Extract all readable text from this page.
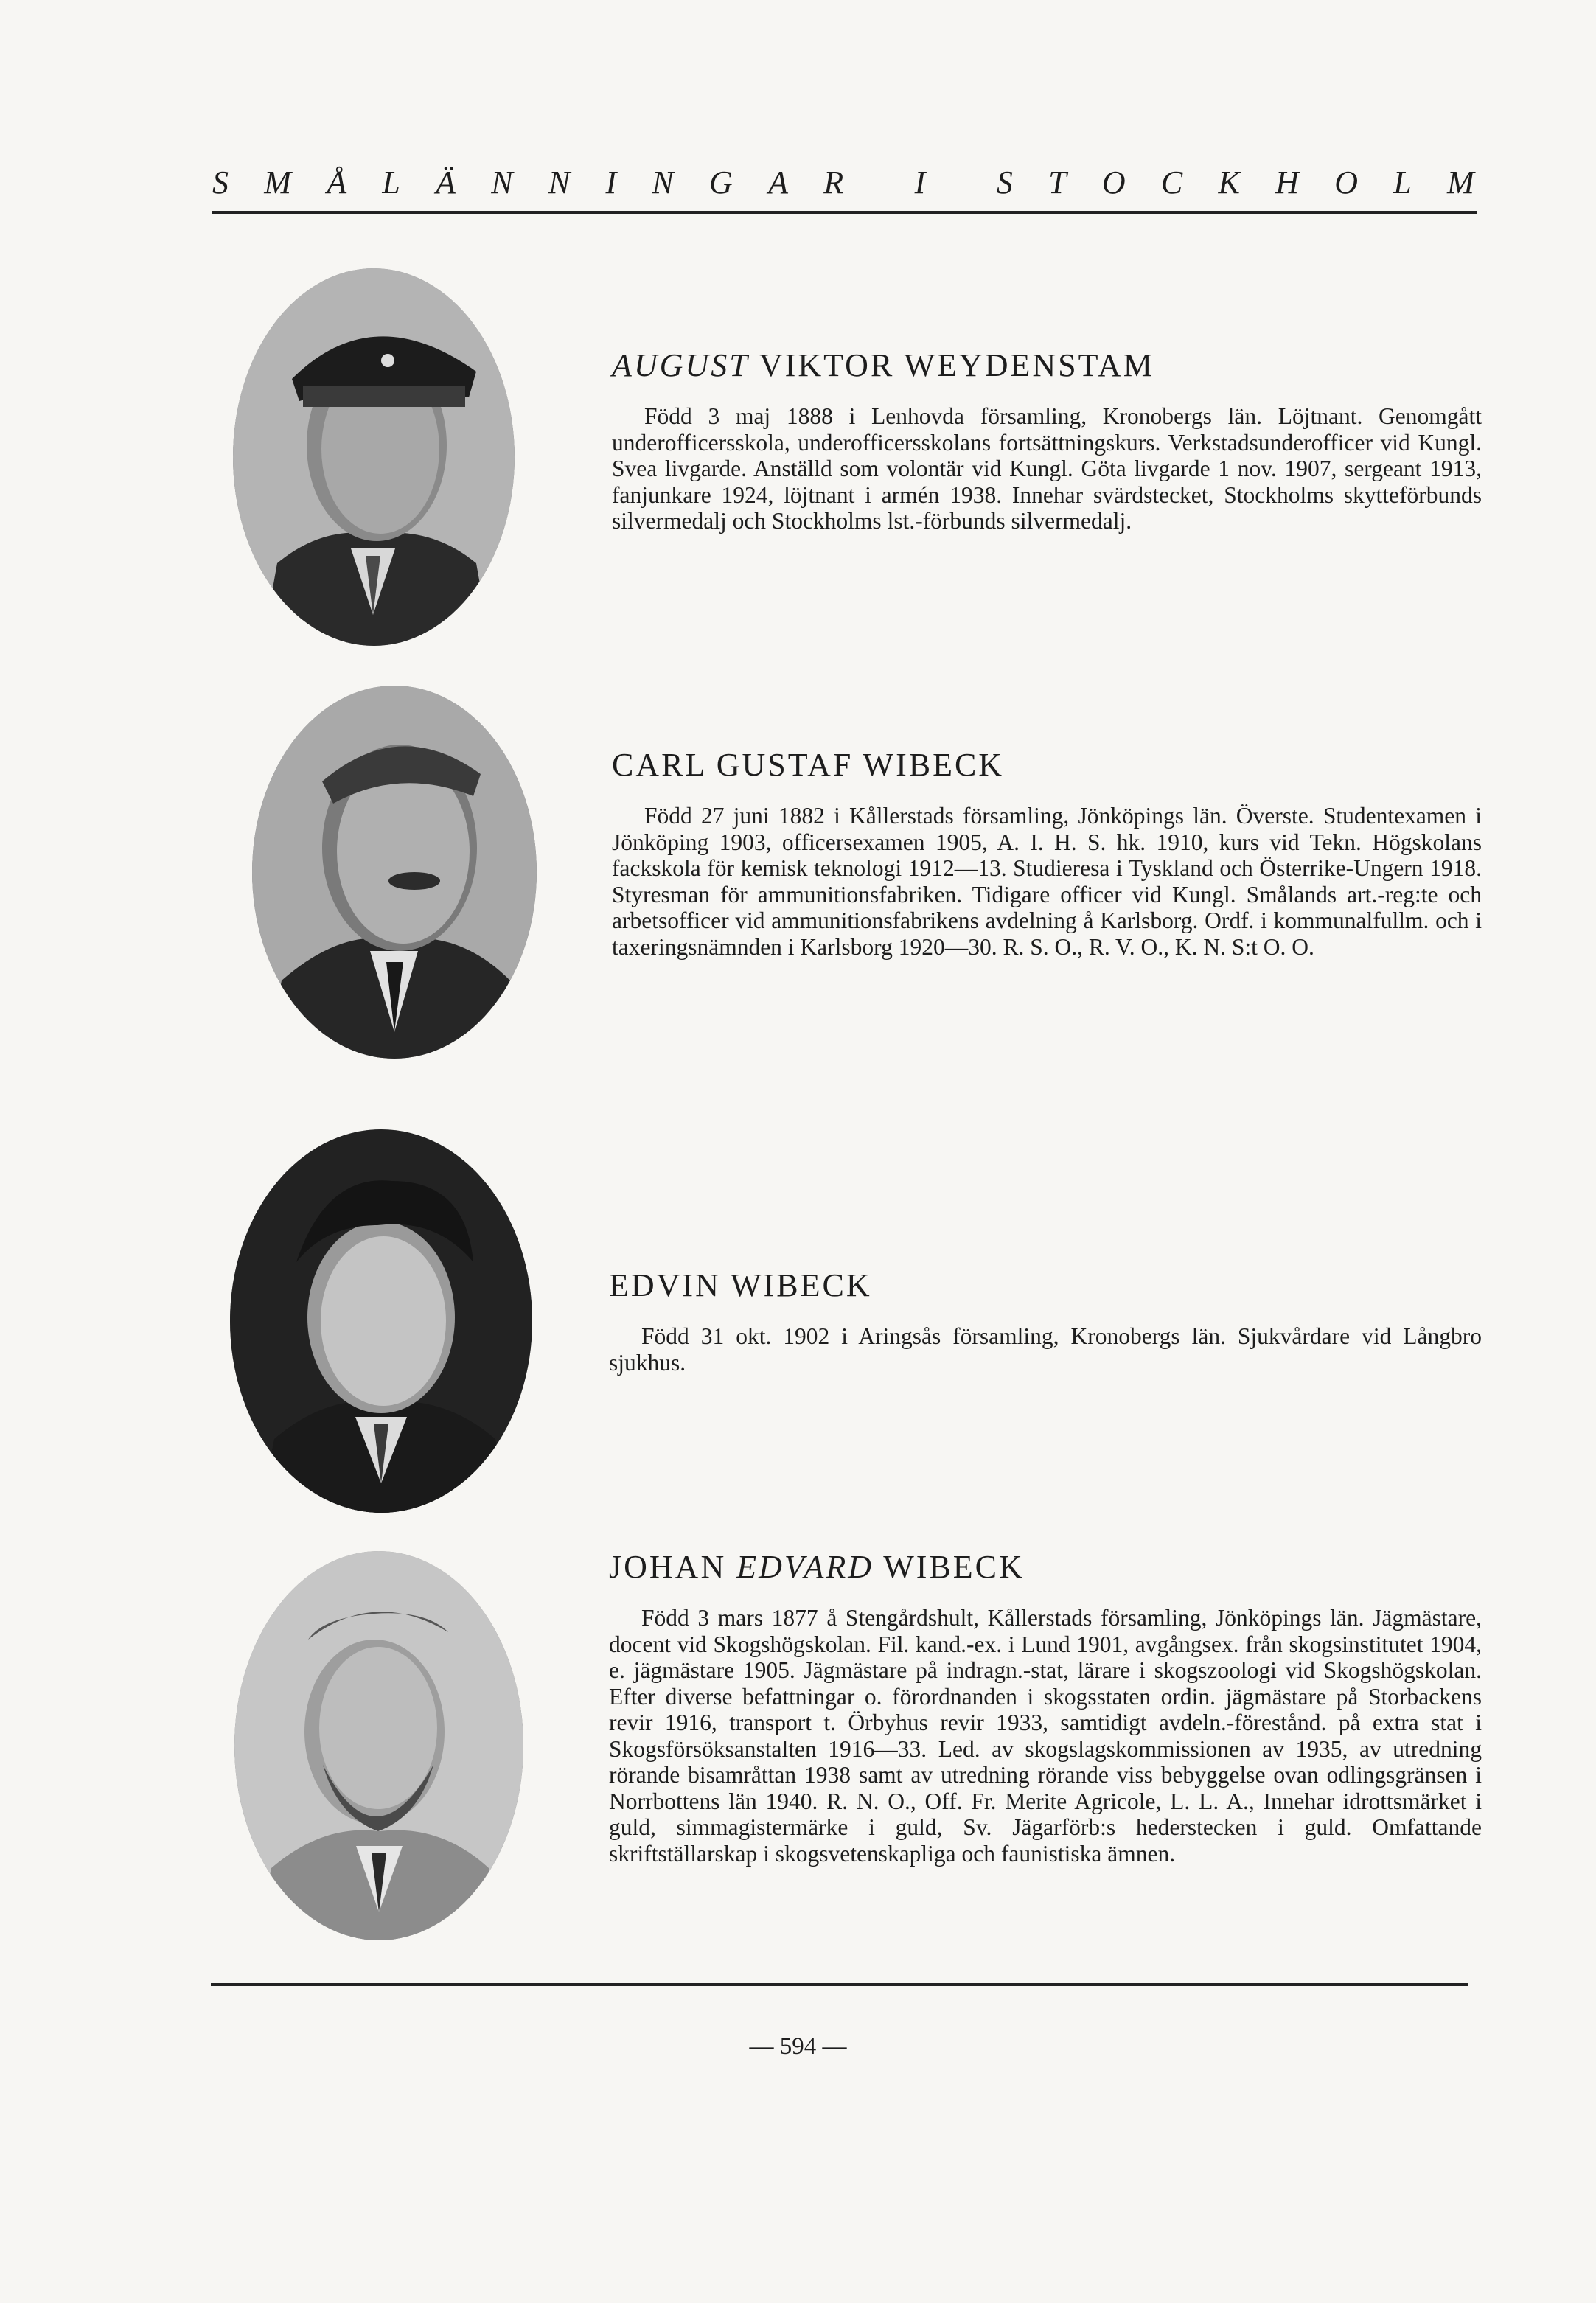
S M Å L Ä N N I N G A R I S T O C K H O L M
AUGUST VIKTOR WEYDENSTAM

Född 3 maj 1888 i Lenhovda församling, Kronobergs län. Löjtnant. Genomgått underofficersskola, underofficersskolans fortsättningskurs. Verkstadsunderofficer vid Kungl. Svea livgarde. Anställd som volontär vid Kungl. Göta livgarde 1 nov. 1907, sergeant 1913, fanjunkare 1924, löjtnant i armén 1938. Innehar svärdstecket, Stockholms skytteförbunds silvermedalj och Stockholms lst.-förbunds silvermedalj.

CARL GUSTAF WIBECK

Född 27 juni 1882 i Kållerstads församling, Jönköpings län. Överste. Studentexamen i Jönköping 1903, officersexamen 1905, A. I. H. S. hk. 1910, kurs vid Tekn. Högskolans fackskola för kemisk teknologi 1912—13. Studieresa i Tyskland och Österrike-Ungern 1918. Styresman för ammunitionsfabriken. Tidigare officer vid Kungl. Smålands art.-reg:te och arbetsofficer vid ammunitionsfabrikens avdelning å Karlsborg. Ordf. i kommunalfullm. och i taxeringsnämnden i Karlsborg 1920—30. R. S. O., R. V. O., K. N. S:t O. O.

EDVIN WIBECK

Född 31 okt. 1902 i Aringsås församling, Kronobergs län. Sjukvårdare vid Långbro sjukhus.

JOHAN EDVARD WIBECK

Född 3 mars 1877 å Stengårdshult, Kållerstads församling, Jönköpings län. Jägmästare, docent vid Skogshögskolan. Fil. kand.-ex. i Lund 1901, avgångsex. från skogsinstitutet 1904, e. jägmästare 1905. Jägmästare på indragn.-stat, lärare i skogszoologi vid Skogshögskolan. Efter diverse befattningar o. förordnanden i skogsstaten ordin. jägmästare på Storbackens revir 1916, transport t. Örbyhus revir 1933, samtidigt avdeln.-förestånd. på extra stat i Skogsförsöksanstalten 1916—33. Led. av skogslagskommissionen av 1935, av utredning rörande bisamråttan 1938 samt av utredning rörande viss bebyggelse ovan odlingsgränsen i Norrbottens län 1940. R. N. O., Off. Fr. Merite Agricole, L. L. A., Innehar idrottsmärket i guld, simmagistermärke i guld, Sv. Jägarförb:s hederstecken i guld. Omfattande skriftställarskap i skogsvetenskapliga och faunistiska ämnen.

— 594 —
